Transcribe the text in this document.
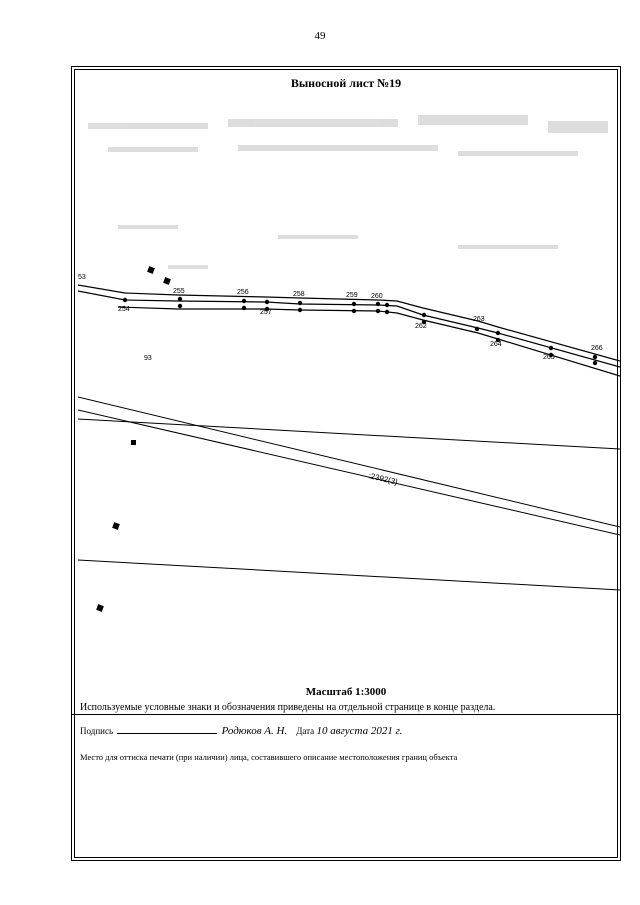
49
Выносной лист №19
53
255
254
256
257
258	259 260
262
263
264
265
266
93
:2392(3)
Масштаб 1:3000
Используемые условные знаки и обозначения приведены на отдельной странице в конце раздела.
Подпись	Родюков А. Н. Дата 10 августа 2021 г.
Место для оттиска печати (при наличии) лица, составившего описание местоположения границ объекта
